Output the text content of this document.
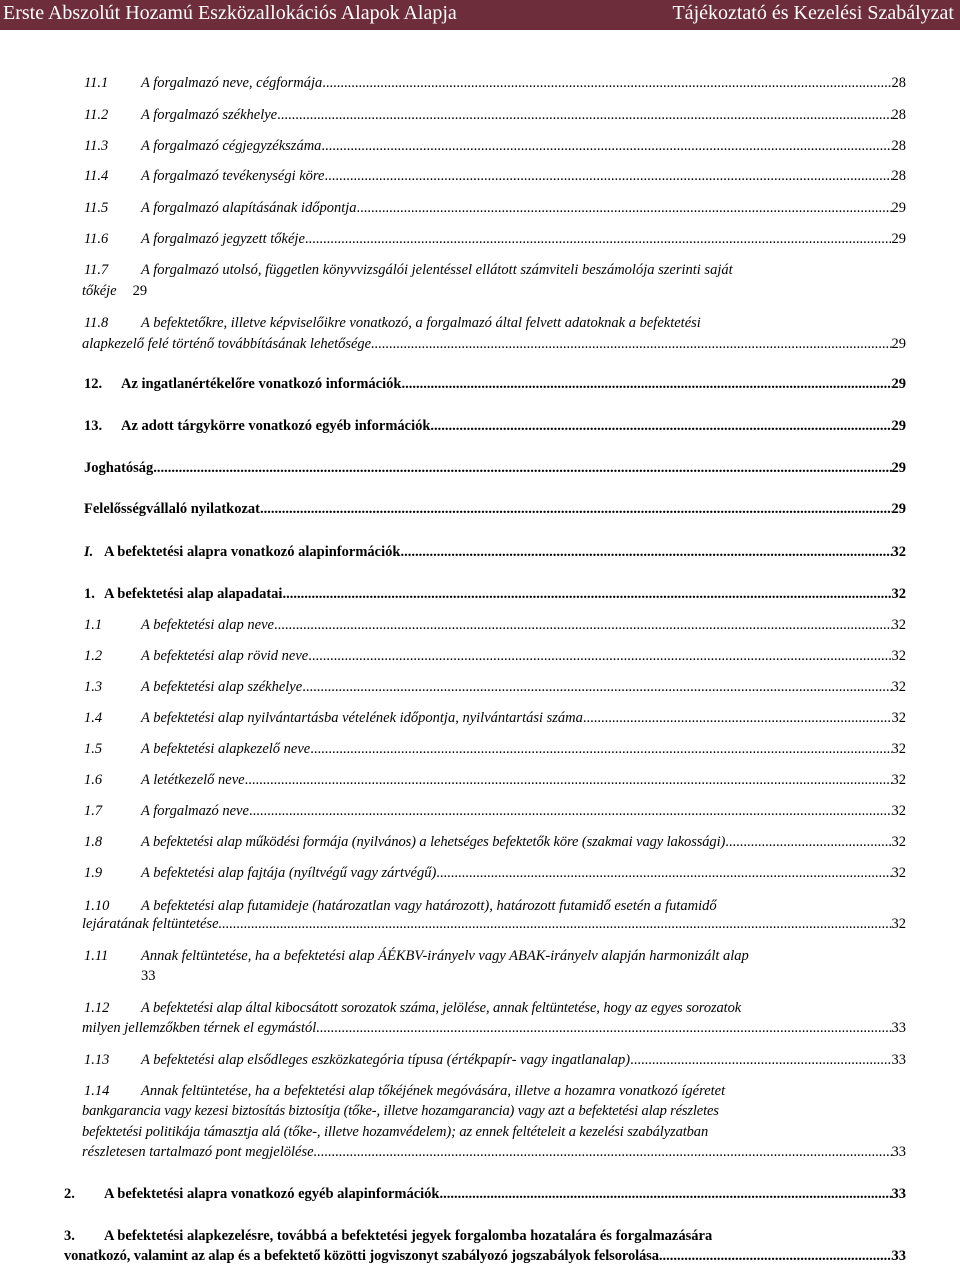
Erste Abszolút Hozamú Eszközallokációs Alapok Alapja	Tájékoztató és Kezelési Szabályzat
11.1	A forgalmazó neve, cégformája .....	28
11.2	A forgalmazó székhelye .....	28
11.3	A forgalmazó cégjegyzékszáma .....	28
11.4	A forgalmazó tevékenységi köre .....	28
11.5	A forgalmazó alapításának időpontja .....	29
11.6	A forgalmazó jegyzett tőkéje .....	29
11.7 A forgalmazó utolsó, független könyvvizsgálói jelentéssel ellátott számviteli beszámolója szerinti saját
tőkéje 29
11.8 A befektetőkre, illetve képviselőikre vonatkozó, a forgalmazó által felvett adatoknak a befektetési
alapkezelő felé történő továbbításának lehetősége .....	29
12.	Az ingatlanértékelőre vonatkozó információk .....	29
13.	Az adott tárgykörre vonatkozó egyéb információk .....	29
Joghatóság .....	29
Felelősségvállaló nyilatkozat .....	29
I. A befektetési alapra vonatkozó alapinformációk .....	32
1. A befektetési alap alapadatai .....	32
1.1	A befektetési alap neve .....	32
1.2	A befektetési alap rövid neve .....	32
1.3	A befektetési alap székhelye .....	32
1.4	A befektetési alap nyilvántartásba vételének időpontja, nyilvántartási száma .....	32
1.5	A befektetési alapkezelő neve .....	32
1.6	A letétkezelő neve .....	32
1.7	A forgalmazó neve .....	32
1.8	A befektetési alap működési formája (nyilvános) a lehetséges befektetők köre (szakmai vagy lakossági) .....	32
1.9	A befektetési alap fajtája (nyíltvégű vagy zártvégű) .....	32
1.10 A befektetési alap futamideje (határozatlan vagy határozott), határozott futamidő esetén a futamidő
lejáratának feltüntetése .....	32
1.11 Annak feltüntetése, ha a befektetési alap ÁÉKBV-irányelv vagy ABAK-irányelv alapján harmonizált alap
33
1.12 A befektetési alap által kibocsátott sorozatok száma, jelölése, annak feltüntetése, hogy az egyes sorozatok
milyen jellemzőkben térnek el egymástól .....	33
1.13	A befektetési alap elsődleges eszközkategória típusa (értékpapír- vagy ingatlanalap) .....	33
1.14 Annak feltüntetése, ha a befektetési alap tőkéjének megóvására, illetve a hozamra vonatkozó ígéretet
bankgarancia vagy kezesi biztosítás biztosítja (tőke-, illetve hozamgarancia) vagy azt a befektetési alap részletes
befektetési politikája támasztja alá (tőke-, illetve hozamvédelem); az ennek feltételeit a kezelési szabályzatban
részletesen tartalmazó pont megjelölése .....	33
2.	A befektetési alapra vonatkozó egyéb alapinformációk .....	33
3. A befektetési alapkezelésre, továbbá a befektetési jegyek forgalomba hozatalára és forgalmazására
vonatkozó, valamint az alap és a befektető közötti jogviszonyt szabályozó jogszabályok felsorolása .....	33
